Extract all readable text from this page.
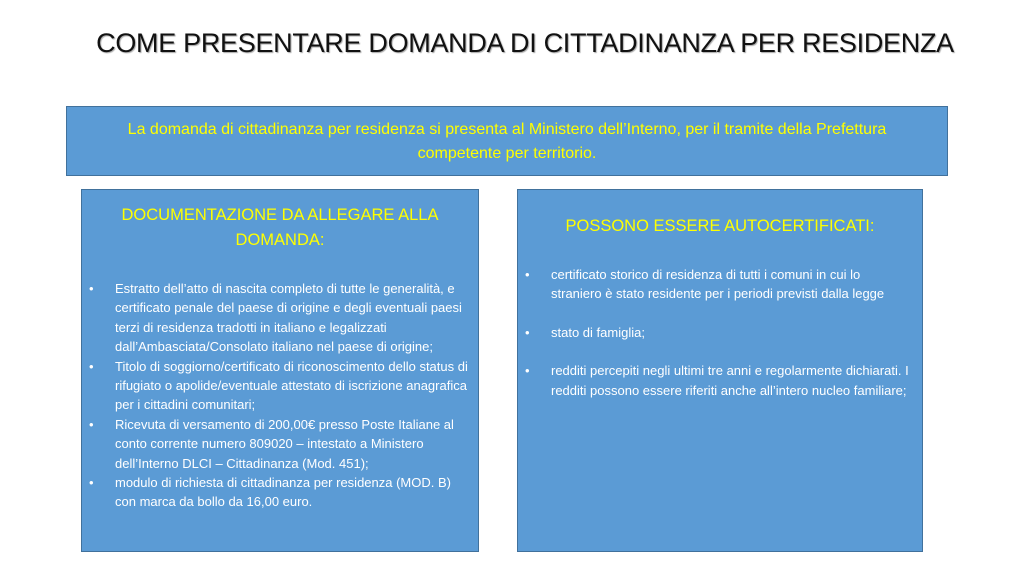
COME PRESENTARE DOMANDA DI CITTADINANZA PER RESIDENZA
La domanda di cittadinanza per residenza si presenta al Ministero dell’Interno, per il tramite della Prefettura competente per territorio.
DOCUMENTAZIONE DA ALLEGARE ALLA DOMANDA:
• Estratto dell’atto di nascita completo di tutte le generalità, e certificato penale del paese di origine e degli eventuali paesi terzi di residenza tradotti in italiano e legalizzati dall’Ambasciata/Consolato italiano nel paese di origine;
• Titolo di soggiorno/certificato di riconoscimento dello status di rifugiato o apolide/eventuale attestato di iscrizione anagrafica per i cittadini comunitari;
• Ricevuta di versamento di 200,00€ presso Poste Italiane al conto corrente numero 809020 – intestato a Ministero dell’Interno DLCI – Cittadinanza (Mod. 451);
• modulo di richiesta di cittadinanza per residenza (MOD. B) con marca da bollo da 16,00 euro.
POSSONO ESSERE AUTOCERTIFICATI:
• certificato storico di residenza di tutti i comuni in cui lo straniero è stato residente per i periodi previsti dalla legge
• stato di famiglia;
• redditi percepiti negli ultimi tre anni e regolarmente dichiarati. I redditi possono essere riferiti anche all’intero nucleo familiare;
